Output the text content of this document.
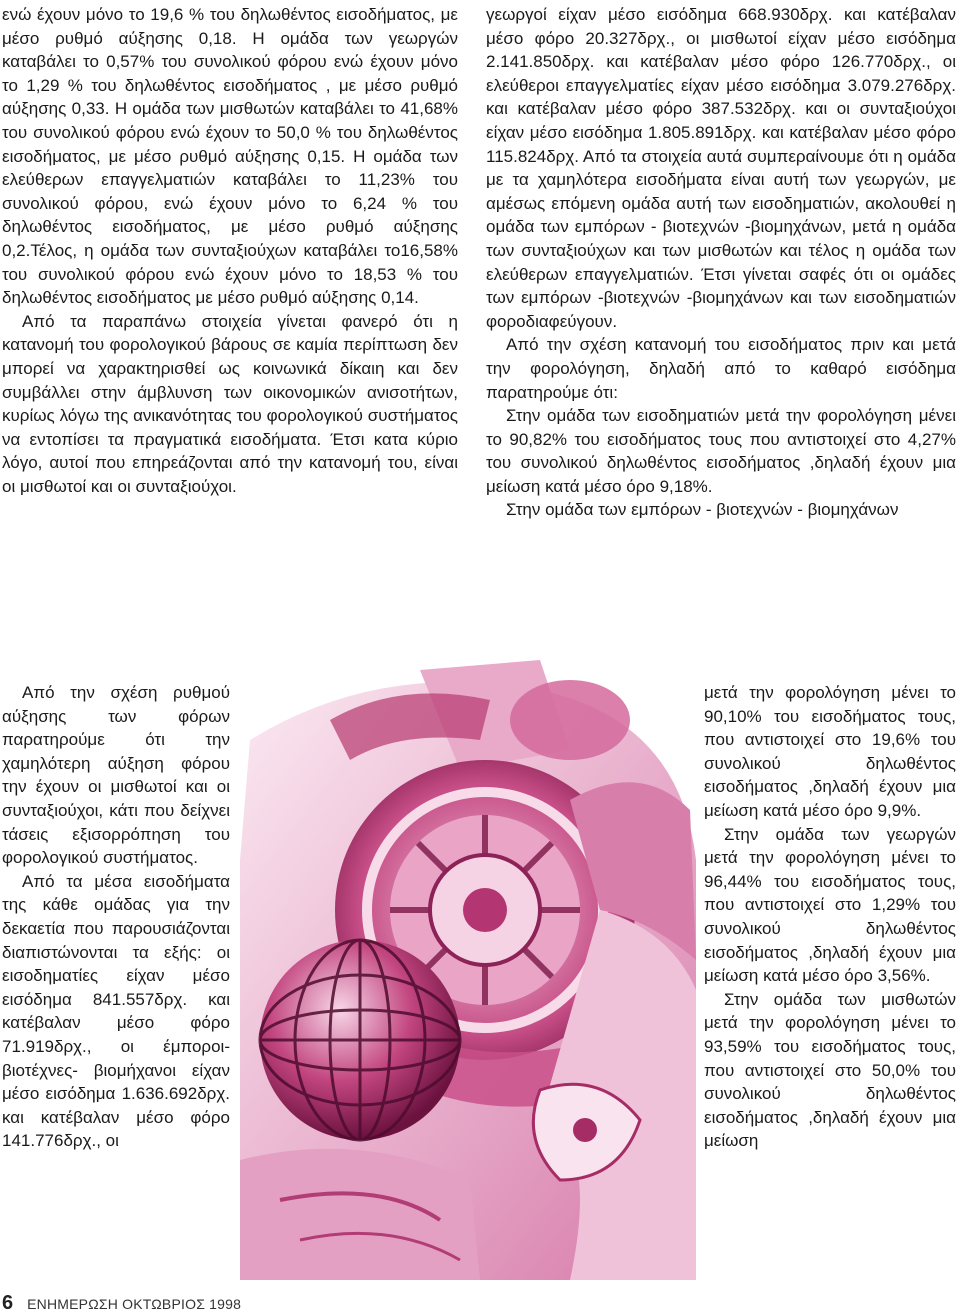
ενώ έχουν μόνο το 19,6 % του δηλωθέντος εισοδήματος, με μέσο ρυθμό αύξησης 0,18. Η ομάδα των γεωργών καταβάλει το 0,57% του συνολικού φόρου ενώ έχουν μόνο το 1,29 % του δηλωθέντος εισοδήματος , με μέσο ρυθμό αύξησης 0,33. Η ομάδα των μισθωτών καταβάλει το 41,68% του συνολικού φόρου ενώ έχουν το 50,0 % του δηλωθέντος εισοδήματος, με μέσο ρυθμό αύξησης 0,15. Η ομάδα των ελεύθερων επαγγελματιών καταβάλει το 11,23% του συνολικού φόρου, ενώ έχουν μόνο το 6,24 % του δηλωθέντος εισοδήματος, με μέσο ρυθμό αύξησης 0,2.Τέλος, η ομάδα των συνταξιούχων καταβάλει το16,58% του συνολικού φόρου ενώ έχουν μόνο το 18,53 % του δηλωθέντος εισοδήματος με μέσο ρυθμό αύξησης 0,14.

Από τα παραπάνω στοιχεία γίνεται φανερό ότι η κατανομή του φορολογικού βάρους σε καμία περίπτωση δεν μπορεί να χαρακτηρισθεί ως κοινωνικά δίκαιη και δεν συμβάλλει στην άμβλυνση των οικονομικών ανισοτήτων, κυρίως λόγω της ανικανότητας του φορολογικού συστήματος να εντοπίσει τα πραγματικά εισοδήματα. Έτσι κατα κύριο λόγο, αυτοί που επηρεάζονται από την κατανομή του, είναι οι μισθωτοί και οι συνταξιούχοι.

Από την σχέση ρυθμού αύξησης των φόρων παρατηρούμε ότι την χαμηλότερη αύξηση φόρου την έχουν οι μισθωτοί και οι συνταξιούχοι, κάτι που δείχνει τάσεις εξισορρόπηση του φορολογικού συστήματος.

Από τα μέσα εισοδήματα της κάθε ομάδας για την δεκαετία που παρουσιάζονται διαπιστώνονται τα εξής: οι εισοδηματίες είχαν μέσο εισόδημα 841.557δρχ. και κατέβαλαν μέσο φόρο 71.919δρχ., οι έμποροι-βιοτέχνες- βιομήχανοι είχαν μέσο εισόδημα 1.636.692δρχ. και κατέβαλαν μέσο φόρο 141.776δρχ., οι

γεωργοί είχαν μέσο εισόδημα 668.930δρχ. και κατέβαλαν μέσο φόρο 20.327δρχ., οι μισθωτοί είχαν μέσο εισόδημα 2.141.850δρχ. και κατέβαλαν μέσο φόρο 126.770δρχ., οι ελεύθεροι επαγγελματίες είχαν μέσο εισόδημα 3.079.276δρχ. και κατέβαλαν μέσο φόρο 387.532δρχ. και οι συνταξιούχοι είχαν μέσο εισόδημα 1.805.891δρχ. και κατέβαλαν μέσο φόρο 115.824δρχ. Από τα στοιχεία αυτά συμπεραίνουμε ότι η ομάδα με τα χαμηλότερα εισοδήματα είναι αυτή των γεωργών, με αμέσως επόμενη ομάδα αυτή των εισοδηματιών, ακολουθεί η ομάδα των εμπόρων - βιοτεχνών -βιομηχάνων, μετά η ομάδα των συνταξιούχων και των μισθωτών και τέλος η ομάδα των ελεύθερων επαγγελματιών. Έτσι γίνεται σαφές ότι οι ομάδες των εμπόρων -βιοτεχνών -βιομηχάνων και των εισοδηματιών φοροδιαφεύγουν.

Από την σχέση κατανομή του εισοδήματος πριν και μετά την φορολόγηση, δηλαδή από το καθαρό εισόδημα παρατηρούμε ότι:

Στην ομάδα των εισοδηματιών μετά την φορολόγηση μένει το 90,82% του εισοδήματος τους που αντιστοιχεί στο 4,27% του συνολικού δηλωθέντος εισοδήματος ,δηλαδή έχουν μια μείωση κατά μέσο όρο 9,18%.

Στην ομάδα των εμπόρων - βιοτεχνών - βιομηχάνων

μετά την φορολόγηση μένει το 90,10% του εισοδήματος τους, που αντιστοιχεί στο 19,6% του συνολικού δηλωθέντος εισοδήματος ,δηλαδή έχουν μια μείωση κατά μέσο όρο 9,9%.

Στην ομάδα των γεωργών μετά την φορολόγηση μένει το 96,44% του εισοδήματος τους, που αντιστοιχεί στο 1,29% του συνολικού δηλωθέντος εισοδήματος ,δηλαδή έχουν μια μείωση κατά μέσο όρο 3,56%.

Στην ομάδα των μισθωτών μετά την φορολόγηση μένει το 93,59% του εισοδήματος τους, που αντιστοιχεί στο 50,0% του συνολικού δηλωθέντος εισοδήματος ,δηλαδή έχουν μια μείωση

6 ΕΝΗΜΕΡΩΣΗ ΟΚΤΩΒΡΙΟΣ 1998
